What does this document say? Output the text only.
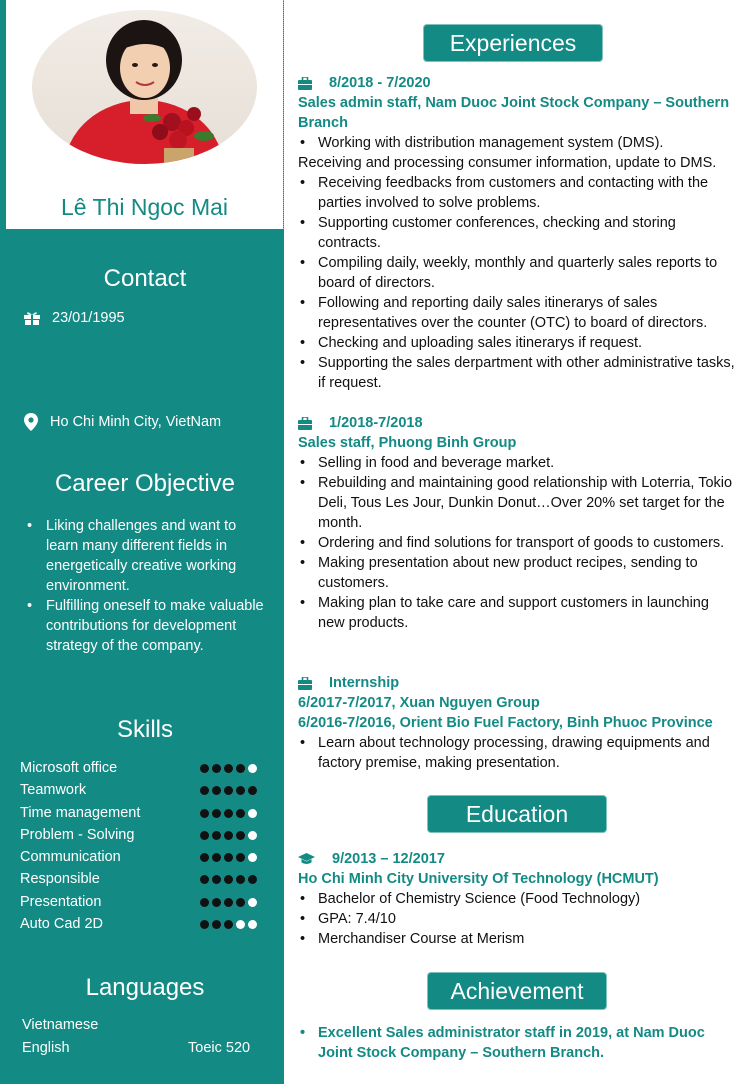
Lê Thi Ngoc Mai
Contact
23/01/1995
Ho Chi Minh City, VietNam
Career Objective
• Liking challenges and want to learn many different fields in energetically creative working environment.
• Fulfilling oneself to make valuable contributions for development strategy of the company.
Skills
Microsoft office
Teamwork
Time management
Problem - Solving
Communication
Responsible
Presentation
Auto Cad 2D
Languages
Vietnamese
English	Toeic 520
Experiences
8/2018 - 7/2020
Sales admin staff, Nam Duoc Joint Stock Company – Southern Branch
• Working with distribution management system (DMS).
Receiving and processing consumer information, update to DMS.
• Receiving feedbacks from customers and contacting with the parties involved to solve problems.
• Supporting customer conferences, checking and storing contracts.
• Compiling daily, weekly, monthly and quarterly sales reports to board of directors.
• Following and reporting daily sales itinerarys of sales representatives over the counter (OTC) to board of directors.
• Checking and uploading sales itinerarys if request.
• Supporting the sales derpartment with other administrative tasks, if request.
1/2018-7/2018
Sales staff, Phuong Binh Group
• Selling in food and beverage market.
• Rebuilding and maintaining good relationship with Loterria, Tokio Deli, Tous Les Jour, Dunkin Donut…Over 20% set target for the month.
• Ordering and find solutions for transport of goods to customers.
• Making presentation about new product recipes, sending to customers.
• Making plan to take care and support customers in launching new products.
Internship
6/2017-7/2017, Xuan Nguyen Group
6/2016-7/2016, Orient Bio Fuel Factory, Binh Phuoc Province
• Learn about technology processing, drawing equipments and factory premise, making presentation.
Education
9/2013 – 12/2017
Ho Chi Minh City University Of Technology (HCMUT)
• Bachelor of Chemistry Science (Food Technology)
• GPA: 7.4/10
• Merchandiser Course at Merism
Achievement
• Excellent Sales administrator staff in 2019, at Nam Duoc Joint Stock Company – Southern Branch.
